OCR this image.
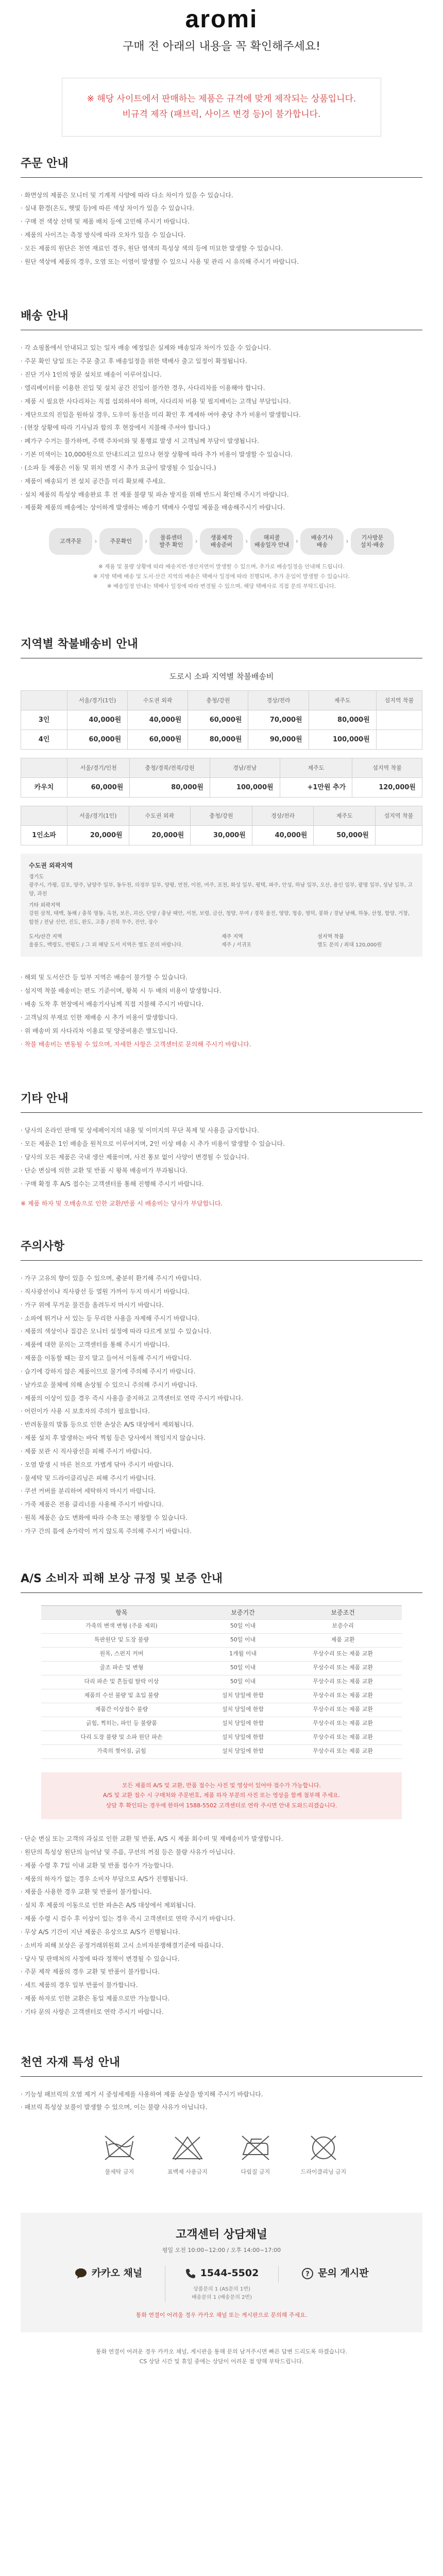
aromi
구매 전 아래의 내용을 꼭 확인해주세요!

※ 해당 사이트에서 판매하는 제품은 규격에 맞게 제작되는 상품입니다.

비규격 제작 (패브릭, 사이즈 변경 등)이 불가합니다.

주문 안내

· 화면상의 제품은 모니터 및 기계적 사양에 따라 다소 차이가 있을 수 있습니다.

· 실내 환경(온도, 햇빛 등)에 따른 색상 차이가 있을 수 있습니다.

· 구매 전 색상 선택 및 제품 배치 등에 고민해 주시기 바랍니다.

· 제품의 사이즈는 측정 방식에 따라 오차가 있을 수 있습니다.

· 모든 제품의 원단은 천연 재료인 경우, 원단 염색의 특성상 색의 등에 미묘한 발생할 수 있습니다.

· 원단 색상에 제품의 경우, 오염 또는 이염이 발생할 수 있으니 사용 및 관리 시 유의해 주시기 바랍니다.

배송 안내

· 각 쇼핑몰에서 안내되고 있는 일자 배송 예정일은 실제와 배송일과 차이가 있을 수 있습니다.

· 주문 확인 당일 또는 주문 출고 후 배송일정을 위한 택배사 출고 일정이 확정됩니다.

· 진단 기사 1인의 방문 설치로 배송이 이루어집니다.

· 엘리베이터를 이용한 진입 및 설치 공간 진입이 불가한 경우, 사다리차를 이용해야 합니다.

· 제품 시 필요한 사다리차는 직접 섭외하셔야 하며, 사다리차 비용 및 필지배비는 고객님 부담입니다.

· 계단으로의 진입을 원하실 경우, 도우미 동선을 미리 확인 후 계세하 여야 충당 추가 비용이 발생합니다.

· (현장 상황에 따라 기사님과 합의 후 현장에서 지불해 주셔야 합니다.)

· 폐가구 수거는 불가하며, 주택 주차비와 및 통행료 발생 시 고객님께 부담이 발생됩니다.

· 기본 미색이는 10,000원으로 안내드리고 있으나 현장 상황에 따라 추가 비용이 발생할 수 있습니다.

· (소파 등 제품은 이동 및 위치 변경 시 추가 요금이 발생될 수 있습니다.)

· 제품이 배송되기 전 설치 공간을 미리 확보해 주세요.

· 설치 제품의 특성상 배송완료 후 전 제품 불량 및 파손 방지를 위해 반드시 확인해 주시기 바랍니다.

· 제품확 제품의 배송에는 상이하게 발생하는 배송기 택배사 수령일 제품을 배송해주시기 바랍니다.

고객주문	›	주문확인	›	물류센터
발주 확인	›	생품제작
배송준비	›	해피콜
배송일자 안내 ›	배송기사
배송	›	기사방문
설치·배송

※ 제품 및 물량 상황에 따라 배송지연·생산지연이 발생할 수 있으며, 추가로 배송일정을 안내해 드립니다.

※ 지방 택배 배송 및 도서·산간 지역의 배송은 택배사 일정에 따라 진행되며, 추가 운임이 발생할 수 있습니다.

※ 배송일정 안내는 택배사 일정에 따라 변경될 수 있으며, 해당 택배사로 직접 문의 부탁드립니다.

지역별 착불배송비 안내
도로시 소파 지역별 착불배송비
	서울/경기(1인)	수도권 외곽	충청/강원	경상/전라	제주도	섬지역 착불
3인	40,000원	40,000원	60,000원	70,000원	80,000원	
4인	60,000원	60,000원	80,000원	90,000원	100,000원	
	서울/경기/인천	충청/경북/전북/강원	경남/전남	제주도	섬지역 착불
카우치	60,000원	80,000원	100,000원	+1만원 추가	120,000원
	서울/경기(1인)	수도권 외곽	충청/강원	경상/전라	제주도	섬지역 착불
1인소파	20,000원	20,000원	30,000원	40,000원	50,000원	
수도권 외곽지역
경기도
광주시, 가평, 김포, 양주, 남양주 일부, 동두천, 의정부 일부, 양평, 연천, 이천, 여주, 포천, 화성 일부, 평택, 파주, 안성, 하남 일부, 오산, 용인 일부, 광명 일부, 성남 일부, 고양, 과천
기타 외곽지역
강원 삼척, 태백, 동해 / 충북 영동, 옥천, 보은, 괴산, 단양 / 충남 태안, 서천, 보령, 금산, 청양, 부여 / 경북 울진, 영양, 청송, 영덕, 봉화 / 경남 남해, 하동, 산청, 함양, 거창, 합천 / 전남 신안, 진도, 완도, 고흥 / 전북 무주, 진안, 장수
도서/산간 지역
울릉도, 백령도, 연평도 / 그 외 해당 도서 지역은 별도 문의 바랍니다.
제주 지역
제주 / 서귀포
섬지역 착불
별도 문의 / 최대 120,000원

· 해외 및 도서산간 등 일부 지역은 배송이 불가할 수 있습니다.

· 섬지역 착불 배송비는 편도 기준이며, 왕복 시 두 배의 비용이 발생합니다.

· 배송 도착 후 현장에서 배송기사님께 직접 지불해 주시기 바랍니다.

· 고객님의 부재로 인한 재배송 시 추가 비용이 발생합니다.

· 위 배송비 외 사다리차 이용료 및 양중비용은 별도입니다.

· 착불 배송비는 변동될 수 있으며, 자세한 사항은 고객센터로 문의해 주시기 바랍니다.

기타 안내

· 당사의 온라인 판매 및 상세페이지의 내용 및 이미지의 무단 복제 및 사용을 금지합니다.

· 모든 제품은 1인 배송을 원칙으로 이루어지며, 2인 이상 배송 시 추가 비용이 발생할 수 있습니다.

· 당사의 모든 제품은 국내 생산 제품이며, 사전 통보 없이 사양이 변경될 수 있습니다.

· 단순 변심에 의한 교환 및 반품 시 왕복 배송비가 부과됩니다.

· 구매 확정 후 A/S 접수는 고객센터를 통해 진행해 주시기 바랍니다.

※ 제품 하자 및 오배송으로 인한 교환/반품 시 배송비는 당사가 부담합니다.

주의사항

· 가구 고유의 향이 있을 수 있으며, 충분히 환기해 주시기 바랍니다.

· 직사광선이나 직사광선 등 열원 가까이 두지 마시기 바랍니다.

· 가구 위에 무거운 물건을 올려두지 마시기 바랍니다.

· 소파에 뛰거나 서 있는 등 무리한 사용을 자제해 주시기 바랍니다.

· 제품의 색상이나 질감은 모니터 설정에 따라 다르게 보일 수 있습니다.

· 제품에 대한 문의는 고객센터를 통해 주시기 바랍니다.

· 제품을 이동할 때는 끌지 말고 들어서 이동해 주시기 바랍니다.

· 습기에 강하지 않은 제품이므로 물기에 주의해 주시기 바랍니다.

· 날카로운 물체에 의해 손상될 수 있으니 주의해 주시기 바랍니다.

· 제품의 이상이 있을 경우 즉시 사용을 중지하고 고객센터로 연락 주시기 바랍니다.

· 어린이가 사용 시 보호자의 주의가 필요합니다.

· 반려동물의 발톱 등으로 인한 손상은 A/S 대상에서 제외됩니다.

· 제품 설치 후 발생하는 바닥 찍힘 등은 당사에서 책임지지 않습니다.

· 제품 보관 시 직사광선을 피해 주시기 바랍니다.

· 오염 발생 시 마른 천으로 가볍게 닦아 주시기 바랍니다.

· 물세탁 및 드라이클리닝은 피해 주시기 바랍니다.

· 쿠션 커버를 분리하여 세탁하지 마시기 바랍니다.

· 가죽 제품은 전용 클리너를 사용해 주시기 바랍니다.

· 원목 제품은 습도 변화에 따라 수축 또는 팽창할 수 있습니다.

· 가구 간의 틈에 손가락이 끼지 않도록 주의해 주시기 바랍니다.

A/S 소비자 피해 보상 규정 및 보증 안내
항목	보증기간	보증조건
가죽의 변색 변형 (주름 제외)	50일 이내	보증수리
특판원단 및 도장 불량	50일 이내	제품 교환
원목, 스펀지 커버	1개월 이내	무상수리 또는 제품 교환
골조 파손 및 변형	50일 이내	무상수리 또는 제품 교환
다리 파손 및 흔들림 탈락 이상	50일 이내	무상수리 또는 제품 교환
제품의 수선 불량 및 초입 불량	설치 당일에 한함	무상수리 또는 제품 교환
제품간 이상접수 불량	설치 당일에 한함	무상수리 또는 제품 교환
긁힘, 찍히는, 파인 등 불량품	설치 당일에 한함	무상수리 또는 제품 교환
다리 도장 불량 및 소파 원단 파손	설치 당일에 한함	무상수리 또는 제품 교환
가죽의 찢어짐, 긁힘	설치 당일에 한함	무상수리 또는 제품 교환

모든 제품의 A/S 및 교환, 반품 접수는 사진 및 영상이 있어야 접수가 가능합니다.

A/S 및 교환 접수 시 구매처와 주문번호, 제품 하자 부분의 사진 또는 영상을 함께 첨부해 주세요.

상담 후 확인되는 경우에 한하여 1588-5502 고객센터로 연락 주시면 안내 도와드리겠습니다.

· 단순 변심 또는 고객의 과실로 인한 교환 및 반품, A/S 시 제품 회수비 및 재배송비가 발생합니다.

· 원단의 특성상 원단의 늘어남 및 주름, 쿠션의 꺼짐 등은 불량 사유가 아닙니다.

· 제품 수령 후 7일 이내 교환 및 반품 접수가 가능합니다.

· 제품의 하자가 없는 경우 소비자 부담으로 A/S가 진행됩니다.

· 제품을 사용한 경우 교환 및 반품이 불가합니다.

· 설치 후 제품의 이동으로 인한 파손은 A/S 대상에서 제외됩니다.

· 제품 수령 시 검수 후 이상이 있는 경우 즉시 고객센터로 연락 주시기 바랍니다.

· 무상 A/S 기간이 지난 제품은 유상으로 A/S가 진행됩니다.

· 소비자 피해 보상은 공정거래위원회 고시 소비자분쟁해결기준에 따릅니다.

· 당사 및 판매처의 사정에 따라 정책이 변경될 수 있습니다.

· 주문 제작 제품의 경우 교환 및 반품이 불가합니다.

· 세트 제품의 경우 일부 반품이 불가합니다.

· 제품 하자로 인한 교환은 동일 제품으로만 가능합니다.

· 기타 문의 사항은 고객센터로 연락 주시기 바랍니다.

천연 자재 특성 안내

· 기능성 패브릭의 오염 제거 시 중성세제를 사용하여 제품 손상을 방지해 주시기 바랍니다.

· 패브릭 특성상 보풀이 발생할 수 있으며, 이는 불량 사유가 아닙니다.

물세탁 금지	표백제 사용금지	다림질 금지	드라이클리닝 금지
고객센터 상담채널
평일 오전 10:00~12:00 / 오후 14:00~17:00
카카오 채널	1544-5502
상품문의 1 (AS문의 1번)
배송문의 1 (배송문의 2번)
? 문의 게시판
통화 연결이 어려울 경우 카카오 채널 또는 게시판으로 문의해 주세요.

통화 연결이 어려운 경우 카카오 채널, 게시판을 통해 문의 남겨주시면 빠른 답변 드리도록 하겠습니다.

CS 상담 시간 및 휴일 중에는 상담이 어려운 점 양해 부탁드립니다.
